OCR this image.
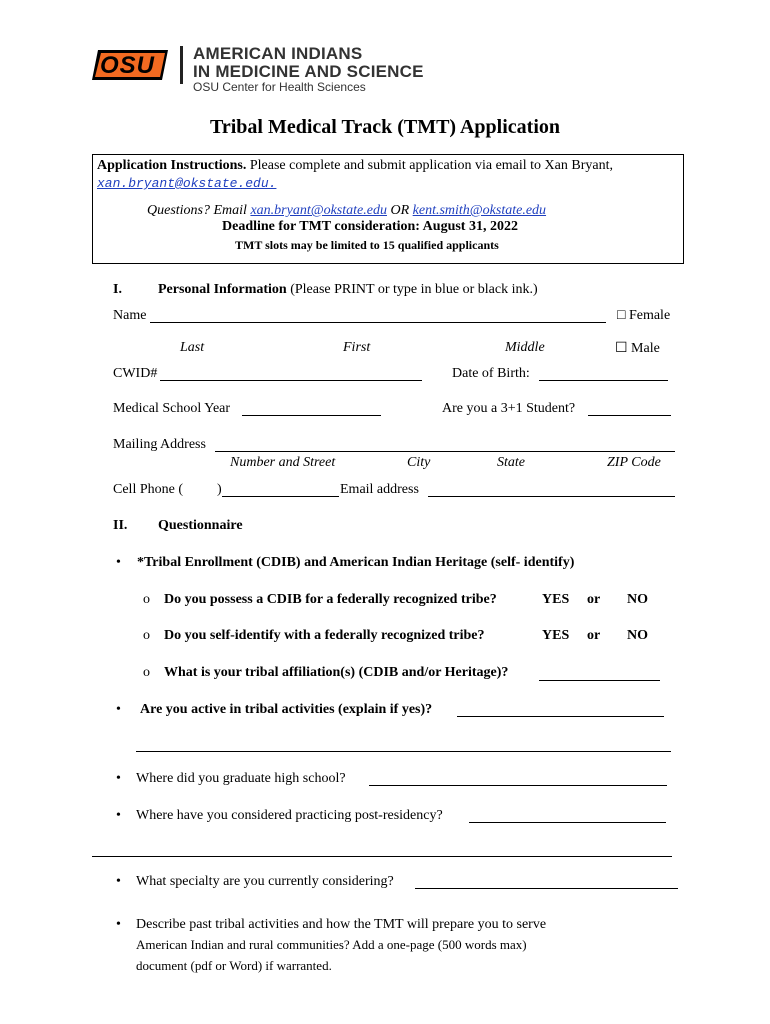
OSU AMERICAN INDIANS
IN MEDICINE AND SCIENCE
OSU Center for Health Sciences
Tribal Medical Track (TMT) Application
Application Instructions. Please complete and submit application via email to Xan Bryant,
xan.bryant@okstate.edu.
Questions? Email xan.bryant@okstate.edu OR kent.smith@okstate.edu
Deadline for TMT consideration: August 31, 2022
TMT slots may be limited to 15 qualified applicants
I.	Personal Information (Please PRINT or type in blue or black ink.)
Name	□ Female
Last	First	Middle	☐ Male
CWID#	Date of Birth:
Medical School Year	Are you a 3+1 Student?
Mailing Address
Number and Street	City	State	ZIP Code
Cell Phone ( )	Email address
II. Questionnaire
• *Tribal Enrollment (CDIB) and American Indian Heritage (self- identify)
o Do you possess a CDIB for a federally recognized tribe?	YES or NO
o Do you self-identify with a federally recognized tribe?	YES or NO
o What is your tribal affiliation(s) (CDIB and/or Heritage)?
• Are you active in tribal activities (explain if yes)?
• Where did you graduate high school?
• Where have you considered practicing post-residency?
• What specialty are you currently considering?
• Describe past tribal activities and how the TMT will prepare you to serve
American Indian and rural communities? Add a one-page (500 words max)
document (pdf or Word) if warranted.
